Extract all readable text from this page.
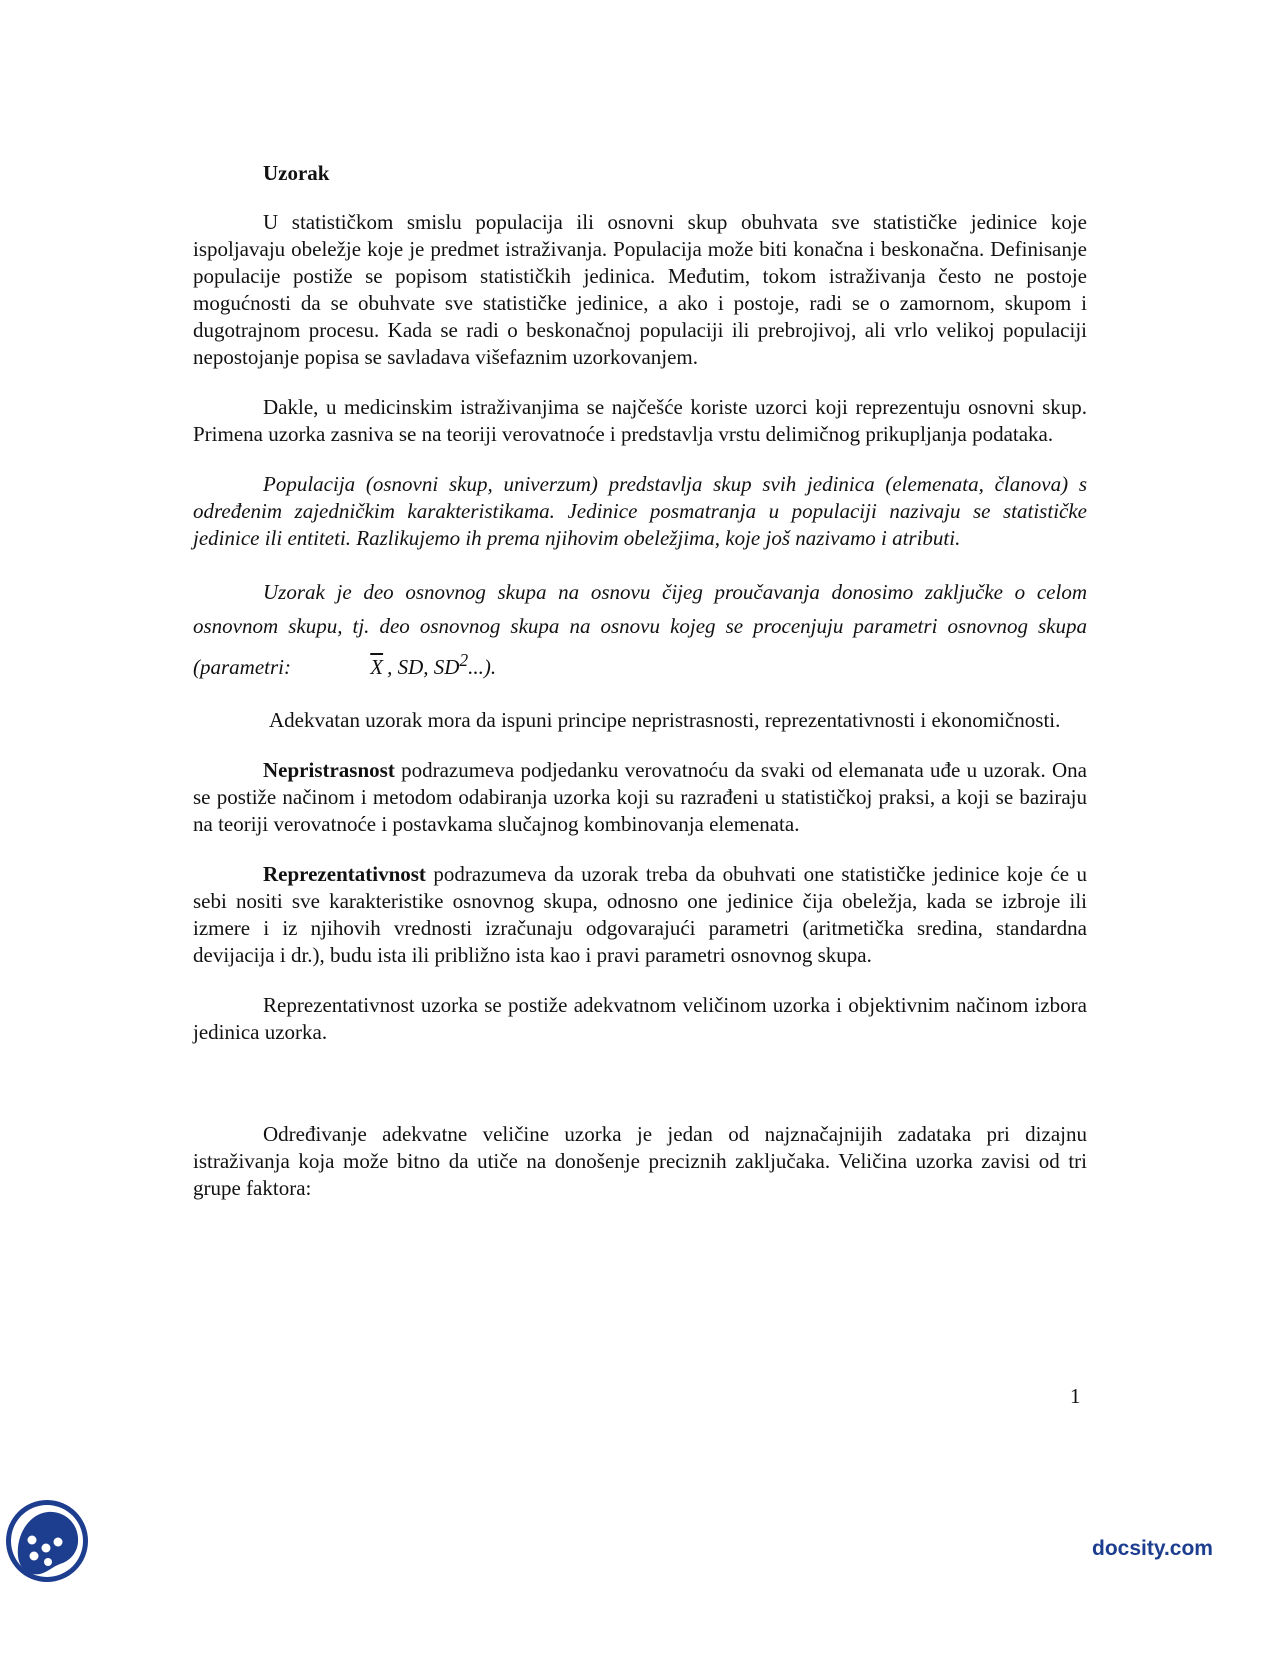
Uzorak

U statističkom smislu populacija ili osnovni skup obuhvata sve statističke jedinice koje ispoljavaju obeležje koje je predmet istraživanja. Populacija može biti konačna i beskonačna. Definisanje populacije postiže se popisom statističkih jedinica. Međutim, tokom istraživanja često ne postoje mogućnosti da se obuhvate sve statističke jedinice, a ako i postoje, radi se o zamornom, skupom i dugotrajnom procesu. Kada se radi o beskonačnoj populaciji ili prebrojivoj, ali vrlo velikoj populaciji nepostojanje popisa se savladava višefaznim uzorkovanjem.

Dakle, u medicinskim istraživanjima se najčešće koriste uzorci koji reprezentuju osnovni skup. Primena uzorka zasniva se na teoriji verovatnoće i predstavlja vrstu delimičnog prikupljanja podataka.

Populacija (osnovni skup, univerzum) predstavlja skup svih jedinica (elemenata, članova) s određenim zajedničkim karakteristikama. Jedinice posmatranja u populaciji nazivaju se statističke jedinice ili entiteti. Razlikujemo ih prema njihovim obeležjima, koje još nazivamo i atributi.

Uzorak je deo osnovnog skupa na osnovu čijeg proučavanja donosimo zaključke o celom osnovnom skupu, tj. deo osnovnog skupa na osnovu kojeg se procenjuju parametri osnovnog skupa (parametri:	$\overline{X}$ , SD, $SD^2$...).

Adekvatan uzorak mora da ispuni principe nepristrasnosti, reprezentativnosti i ekonomičnosti.

Nepristrasnost podrazumeva podjedanku verovatnoću da svaki od elemanata uđe u uzorak. Ona se postiže načinom i metodom odabiranja uzorka koji su razrađeni u statističkoj praksi, a koji se baziraju na teoriji verovatnoće i postavkama slučajnog kombinovanja elemenata.

Reprezentativnost podrazumeva da uzorak treba da obuhvati one statističke jedinice koje će u sebi nositi sve karakteristike osnovnog skupa, odnosno one jedinice čija obeležja, kada se izbroje ili izmere i iz njihovih vrednosti izračunaju odgovarajući parametri (aritmetička sredina, standardna devijacija i dr.), budu ista ili približno ista kao i pravi parametri osnovnog skupa.

Reprezentativnost uzorka se postiže adekvatnom veličinom uzorka i objektivnim načinom izbora jedinica uzorka.

Određivanje adekvatne veličine uzorka je jedan od najznačajnijih zadataka pri dizajnu istraživanja koja može bitno da utiče na donošenje preciznih zaključaka. Veličina uzorka zavisi od tri grupe faktora:

1
docsity.com
